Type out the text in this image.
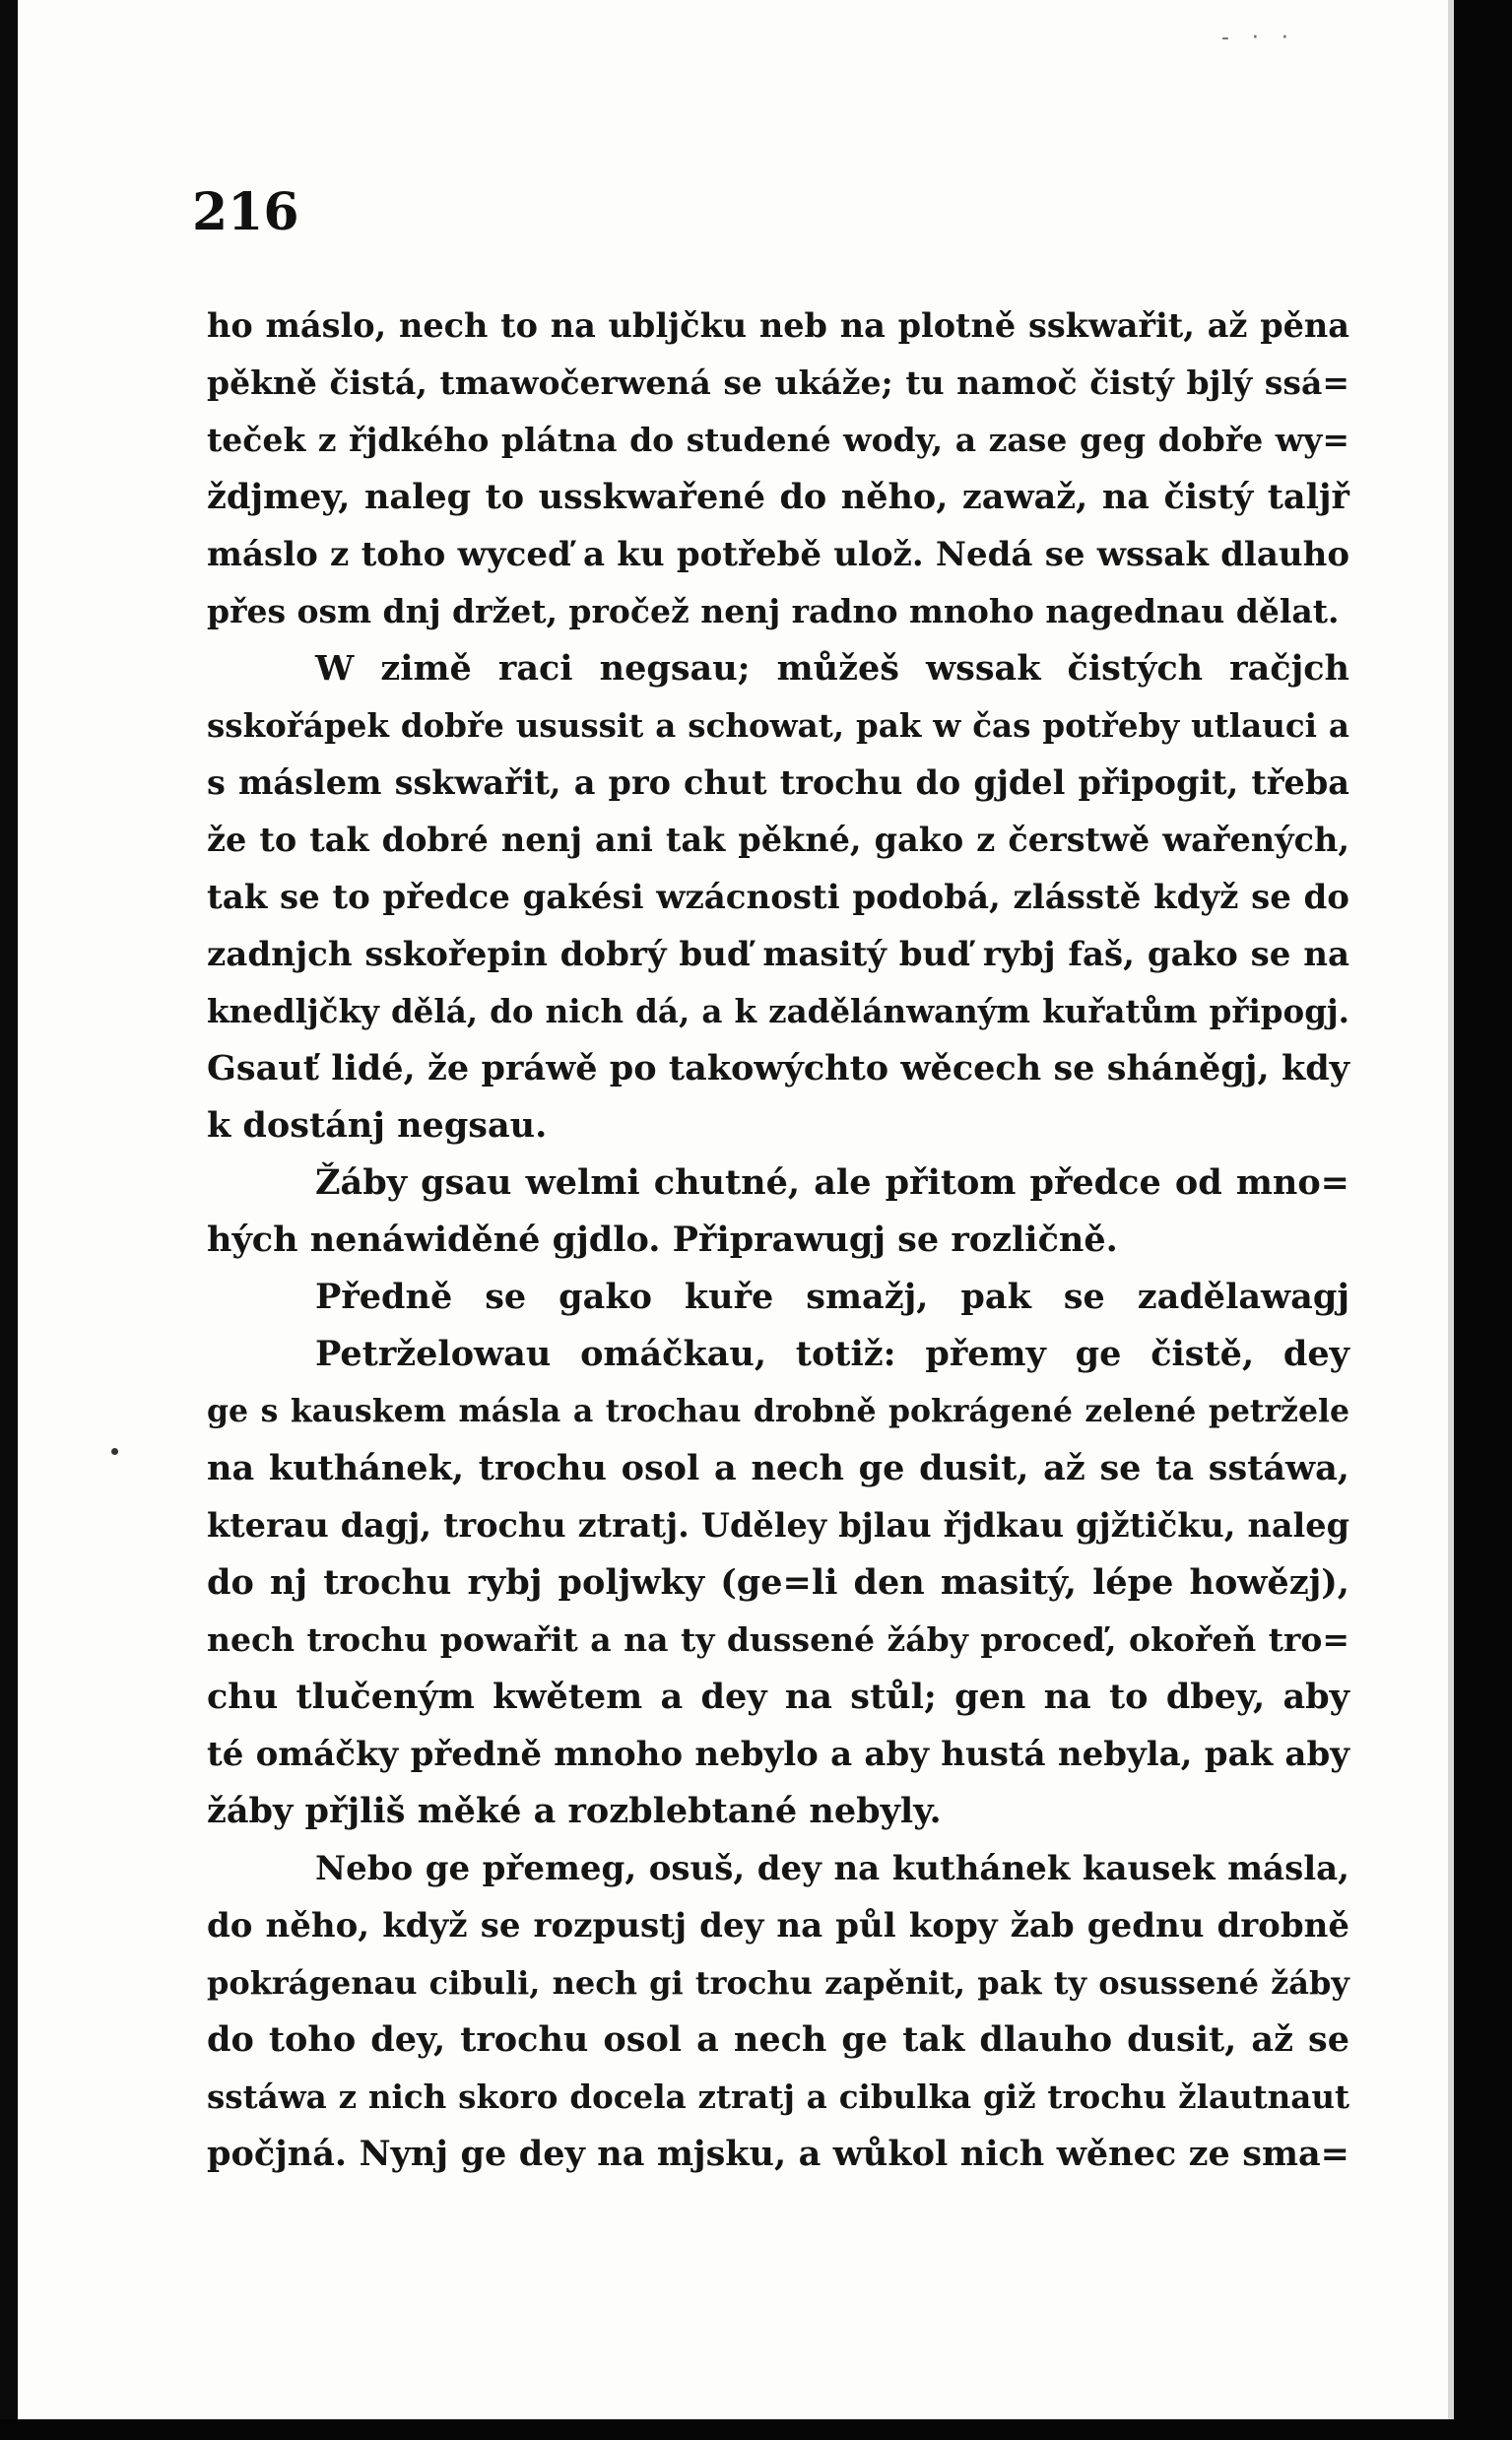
- · ·
216
ho máslo, nech to na ublјčku neb na plotně sskwařit, až pěna
pěkně čistá, tmawočerwená se ukáže; tu namoč čistý bjlý ssá=
teček z řjdkého plátna do studené wody, a zase geg dobře wy=
ždjmey, naleg to usskwařené do něho, zawaž, na čistý taljř
máslo z toho wyceď a ku potřebě ulož. Nedá se wssak dlauho
přes osm dnj držet, pročež nenj radno mnoho nagednau dělat.
W zimě raci negsau; můžeš wssak čistých račjch
sskořápek dobře usussit a schowat, pak w čas potřeby utlauci a
s máslem sskwařit, a pro chut trochu do gjdel připogit, třeba
že to tak dobré nenj ani tak pěkné, gako z čerstwě wařených,
tak se to předce gakési wzácnosti podobá, zlásstě když se do
zadnjch sskořepin dobrý buď masitý buď rybj faš, gako se na
knedljčky dělá, do nich dá, a k zadělánwaným kuřatům připogj.
Gsauť lidé, že práwě po takowýchto wěcech se sháněgj, kdy
k dostánj negsau.
Žáby gsau welmi chutné, ale přitom předce od mno=
hých nenáwiděné gjdlo. Připrawugj se rozličně.
Předně se gako kuře smažj, pak se zadělawagj
Petrželowau omáčkau, totiž: přemy ge čistě, dey
ge s kauskem másla a trochau drobně pokrágené zelené petržele
na kuthánek, trochu osol a nech ge dusit, až se ta sstáwa,
kterau dagj, trochu ztratj. Uděley bjlau řjdkau gjžtičku, naleg
do nj trochu rybj poljwky (ge=li den masitý, lépe howězj),
nech trochu powařit a na ty dussené žáby proceď, okořeň tro=
chu tlučeným kwětem a dey na stůl; gen na to dbey, aby
té omáčky předně mnoho nebylo a aby hustá nebyla, pak aby
žáby přjliš měké a rozblebtané nebyly.
Nebo ge přemeg, osuš, dey na kuthánek kausek másla,
do něho, když se rozpustj dey na půl kopy žab gednu drobně
pokrágenau cibuli, nech gi trochu zapěnit, pak ty osussené žáby
do toho dey, trochu osol a nech ge tak dlauho dusit, až se
sstáwa z nich skoro docela ztratj a cibulka giž trochu žlautnaut
počjná. Nynj ge dey na mjsku, a wůkol nich wěnec ze sma=
